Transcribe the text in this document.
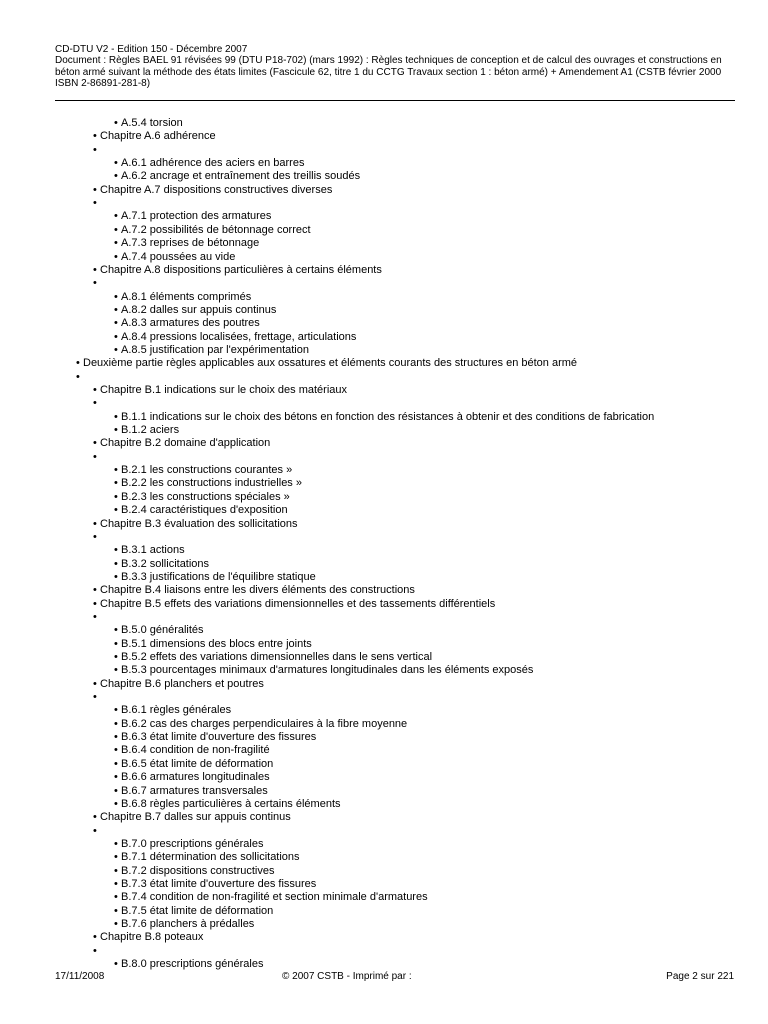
CD-DTU V2 - Edition 150 - Décembre 2007
Document : Règles BAEL 91 révisées 99 (DTU P18-702) (mars 1992) : Règles techniques de conception et de calcul des ouvrages et constructions en béton armé suivant la méthode des états limites (Fascicule 62, titre 1 du CCTG Travaux section 1 : béton armé) + Amendement A1 (CSTB février 2000 ISBN 2-86891-281-8)
• A.5.4 torsion
• Chapitre A.6 adhérence
•
• A.6.1 adhérence des aciers en barres
• A.6.2 ancrage et entraînement des treillis soudés
• Chapitre A.7 dispositions constructives diverses
•
• A.7.1 protection des armatures
• A.7.2 possibilités de bétonnage correct
• A.7.3 reprises de bétonnage
• A.7.4 poussées au vide
• Chapitre A.8 dispositions particulières à certains éléments
•
• A.8.1 éléments comprimés
• A.8.2 dalles sur appuis continus
• A.8.3 armatures des poutres
• A.8.4 pressions localisées, frettage, articulations
• A.8.5 justification par l'expérimentation
• Deuxième partie règles applicables aux ossatures et éléments courants des structures en béton armé
•
• Chapitre B.1 indications sur le choix des matériaux
•
• B.1.1 indications sur le choix des bétons en fonction des résistances à obtenir et des conditions de fabrication
• B.1.2 aciers
• Chapitre B.2 domaine d'application
•
• B.2.1 les constructions courantes »
• B.2.2 les constructions industrielles »
• B.2.3 les constructions spéciales »
• B.2.4 caractéristiques d'exposition
• Chapitre B.3 évaluation des sollicitations
•
• B.3.1 actions
• B.3.2 sollicitations
• B.3.3 justifications de l'équilibre statique
• Chapitre B.4 liaisons entre les divers éléments des constructions
• Chapitre B.5 effets des variations dimensionnelles et des tassements différentiels
•
• B.5.0 généralités
• B.5.1 dimensions des blocs entre joints
• B.5.2 effets des variations dimensionnelles dans le sens vertical
• B.5.3 pourcentages minimaux d'armatures longitudinales dans les éléments exposés
• Chapitre B.6 planchers et poutres
•
• B.6.1 règles générales
• B.6.2 cas des charges perpendiculaires à la fibre moyenne
• B.6.3 état limite d'ouverture des fissures
• B.6.4 condition de non-fragilité
• B.6.5 état limite de déformation
• B.6.6 armatures longitudinales
• B.6.7 armatures transversales
• B.6.8 règles particulières à certains éléments
• Chapitre B.7 dalles sur appuis continus
•
• B.7.0 prescriptions générales
• B.7.1 détermination des sollicitations
• B.7.2 dispositions constructives
• B.7.3 état limite d'ouverture des fissures
• B.7.4 condition de non-fragilité et section minimale d'armatures
• B.7.5 état limite de déformation
• B.7.6 planchers à prédalles
• Chapitre B.8 poteaux
•
• B.8.0 prescriptions générales
17/11/2008	© 2007 CSTB - Imprimé par :	Page 2 sur 221
